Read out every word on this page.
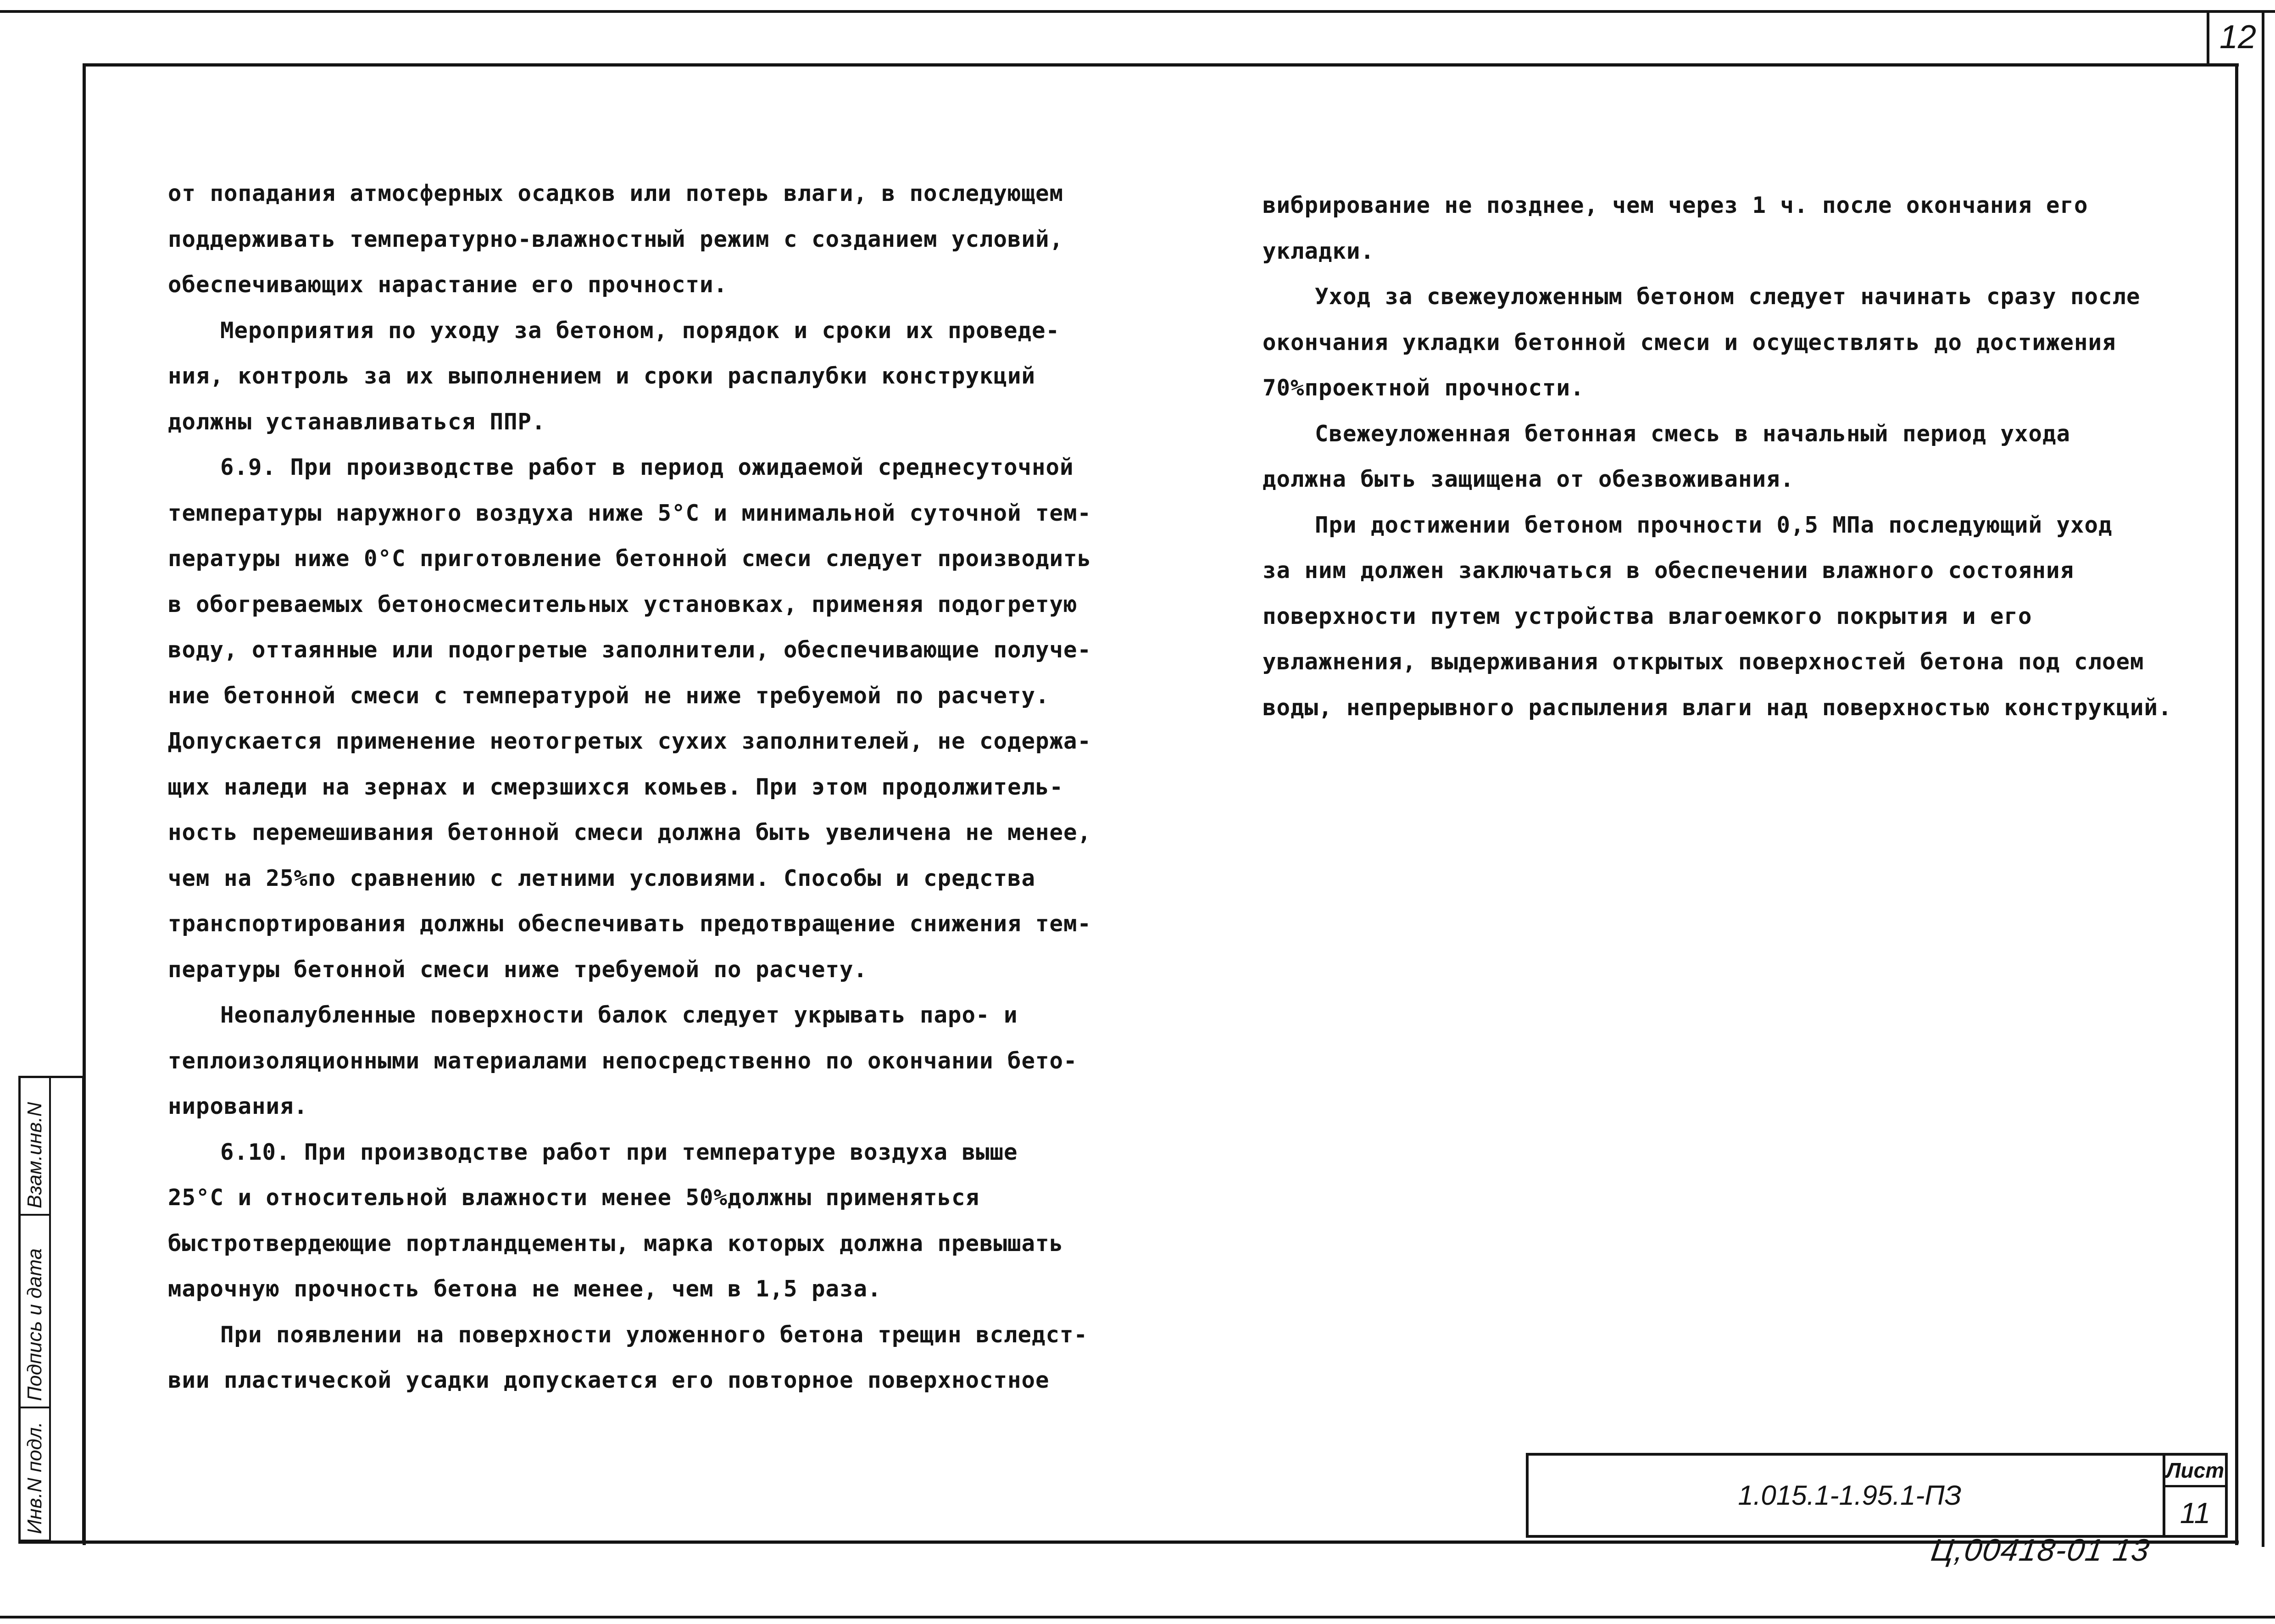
12

от попадания атмосферных осадков или потерь влаги, в последующем

поддерживать температурно-влажностный режим с созданием условий,

обеспечивающих нарастание его прочности.

Мероприятия по уходу за бетоном, порядок и сроки их проведе-

ния, контроль за их выполнением и сроки распалубки конструкций

должны устанавливаться ППР.

6.9. При производстве работ в период ожидаемой среднесуточной

температуры наружного воздуха ниже 5°С и минимальной суточной тем-

пературы ниже 0°С приготовление бетонной смеси следует производить

в обогреваемых бетоносмесительных установках, применяя подогретую

воду, оттаянные или подогретые заполнители, обеспечивающие получе-

ние бетонной смеси с температурой не ниже требуемой по расчету.

Допускается применение неотогретых сухих заполнителей, не содержа-

щих наледи на зернах и смерзшихся комьев. При этом продолжитель-

ность перемешивания бетонной смеси должна быть увеличена не менее,

чем на 25%по сравнению с летними условиями. Способы и средства

транспортирования должны обеспечивать предотвращение снижения тем-

пературы бетонной смеси ниже требуемой по расчету.

Неопалубленные поверхности балок следует укрывать паро- и

теплоизоляционными материалами непосредственно по окончании бето-

нирования.

6.10. При производстве работ при температуре воздуха выше

25°С и относительной влажности менее 50%должны применяться

быстротвердеющие портландцементы, марка которых должна превышать

марочную прочность бетона не менее, чем в 1,5 раза.

При появлении на поверхности уложенного бетона трещин вследст-

вии пластической усадки допускается его повторное поверхностное

вибрирование не позднее, чем через 1 ч. после окончания его

укладки.

Уход за свежеуложенным бетоном следует начинать сразу после

окончания укладки бетонной смеси и осуществлять до достижения

70%проектной прочности.

Свежеуложенная бетонная смесь в начальный период ухода

должна быть защищена от обезвоживания.

При достижении бетоном прочности 0,5 МПа последующий уход

за ним должен заключаться в обеспечении влажного состояния

поверхности путем устройства влагоемкого покрытия и его

увлажнения, выдерживания открытых поверхностей бетона под слоем

воды, непрерывного распыления влаги над поверхностью конструкций.

1.015.1-1.95.1-ПЗ
Лист
11
Ц,00418-01 13
Инв.N подл.
Подпись и дата
Взам.инв.N
